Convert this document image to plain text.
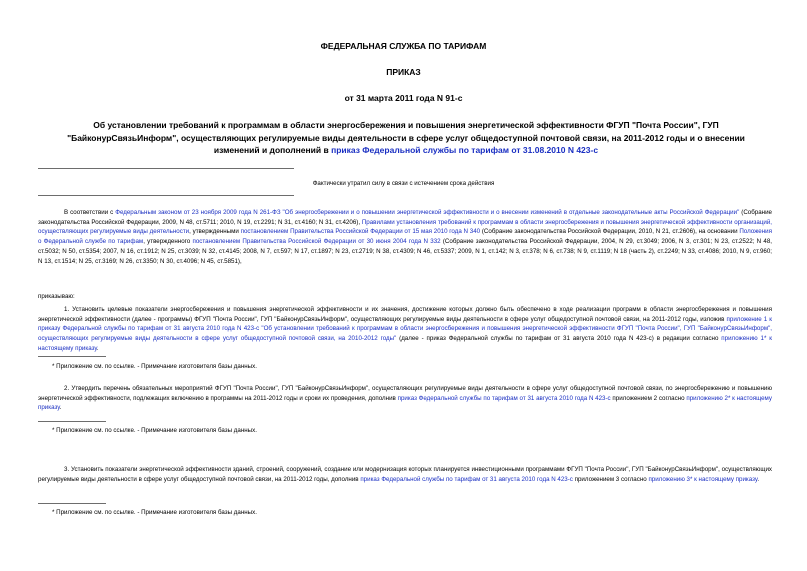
ФЕДЕРАЛЬНАЯ СЛУЖБА ПО ТАРИФАМ
ПРИКАЗ
от 31 марта 2011 года N 91-с
Об установлении требований к программам в области энергосбережения и повышения энергетической эффективности ФГУП "Почта России", ГУП "БайконурСвязьИнформ", осуществляющих регулируемые виды деятельности в сфере услуг общедоступной почтовой связи, на 2011-2012 годы и о внесении изменений и дополнений в приказ Федеральной службы по тарифам от 31.08.2010 N 423-с
Фактически утратил силу в связи с истечением срока действия

В соответствии с Федеральным законом от 23 ноября 2009 года N 261-ФЗ "Об энергосбережении и о повышении энергетической эффективности и о внесении изменений в отдельные законодательные акты Российской Федерации" (Собрание законодательства Российской Федерации, 2009, N 48, ст.5711; 2010, N 19, ст.2291; N 31, ст.4160; N 31, ст.4206), Правилами установления требований к программам в области энергосбережения и повышения энергетической эффективности организаций, осуществляющих регулируемые виды деятельности, утвержденными постановлением Правительства Российской Федерации от 15 мая 2010 года N 340 (Собрание законодательства Российской Федерации, 2010, N 21, ст.2606), на основании Положения о Федеральной службе по тарифам, утвержденного постановлением Правительства Российской Федерации от 30 июня 2004 года N 332 (Собрание законодательства Российской Федерации, 2004, N 29, ст.3049; 2006, N 3, ст.301; N 23, ст.2522; N 48, ст.5032; N 50, ст.5354; 2007, N 16, ст.1912; N 25, ст.3039; N 32, ст.4145; 2008, N 7, ст.597; N 17, ст.1897; N 23, ст.2719; N 38, ст.4309; N 46, ст.5337; 2009, N 1, ст.142; N 3, ст.378; N 6, ст.738; N 9, ст.1119; N 18 (часть 2), ст.2249; N 33, ст.4086; 2010, N 9, ст.960; N 13, ст.1514; N 25, ст.3169; N 26, ст.3350; N 30, ст.4096; N 45, ст.5851),

приказываю:

1. Установить целевые показатели энергосбережения и повышения энергетической эффективности и их значения, достижение которых должно быть обеспечено в ходе реализации программ в области энергосбережения и повышения энергетической эффективности (далее - программы) ФГУП "Почта России", ГУП "БайконурСвязьИнформ", осуществляющих регулируемые виды деятельности в сфере услуг общедоступной почтовой связи, на 2011-2012 годы, изложив приложение 1 к приказу Федеральной службы по тарифам от 31 августа 2010 года N 423-с "Об установлении требований к программам в области энергосбережения и повышения энергетической эффективности ФГУП "Почта России", ГУП "БайконурСвязьИнформ", осуществляющих регулируемые виды деятельности в сфере услуг общедоступной почтовой связи, на 2010-2012 годы" (далее - приказ Федеральной службы по тарифам от 31 августа 2010 года N 423-с) в редакции согласно приложению 1* к настоящему приказу.

* Приложение см. по ссылке. - Примечание изготовителя базы данных.

2. Утвердить перечень обязательных мероприятий ФГУП "Почта России", ГУП "БайконурСвязьИнформ", осуществляющих регулируемые виды деятельности в сфере услуг общедоступной почтовой связи, по энергосбережению и повышению энергетической эффективности, подлежащих включению в программы на 2011-2012 годы и сроки их проведения, дополнив приказ Федеральной службы по тарифам от 31 августа 2010 года N 423-с приложением 2 согласно приложению 2* к настоящему приказу.

* Приложение см. по ссылке. - Примечание изготовителя базы данных.

3. Установить показатели энергетической эффективности зданий, строений, сооружений, создание или модернизация которых планируется инвестиционными программами ФГУП "Почта России", ГУП "БайконурСвязьИнформ", осуществляющих регулируемые виды деятельности в сфере услуг общедоступной почтовой связи, на 2011-2012 годы, дополнив приказ Федеральной службы по тарифам от 31 августа 2010 года N 423-с приложением 3 согласно приложению 3* к настоящему приказу.

* Приложение см. по ссылке. - Примечание изготовителя базы данных.
